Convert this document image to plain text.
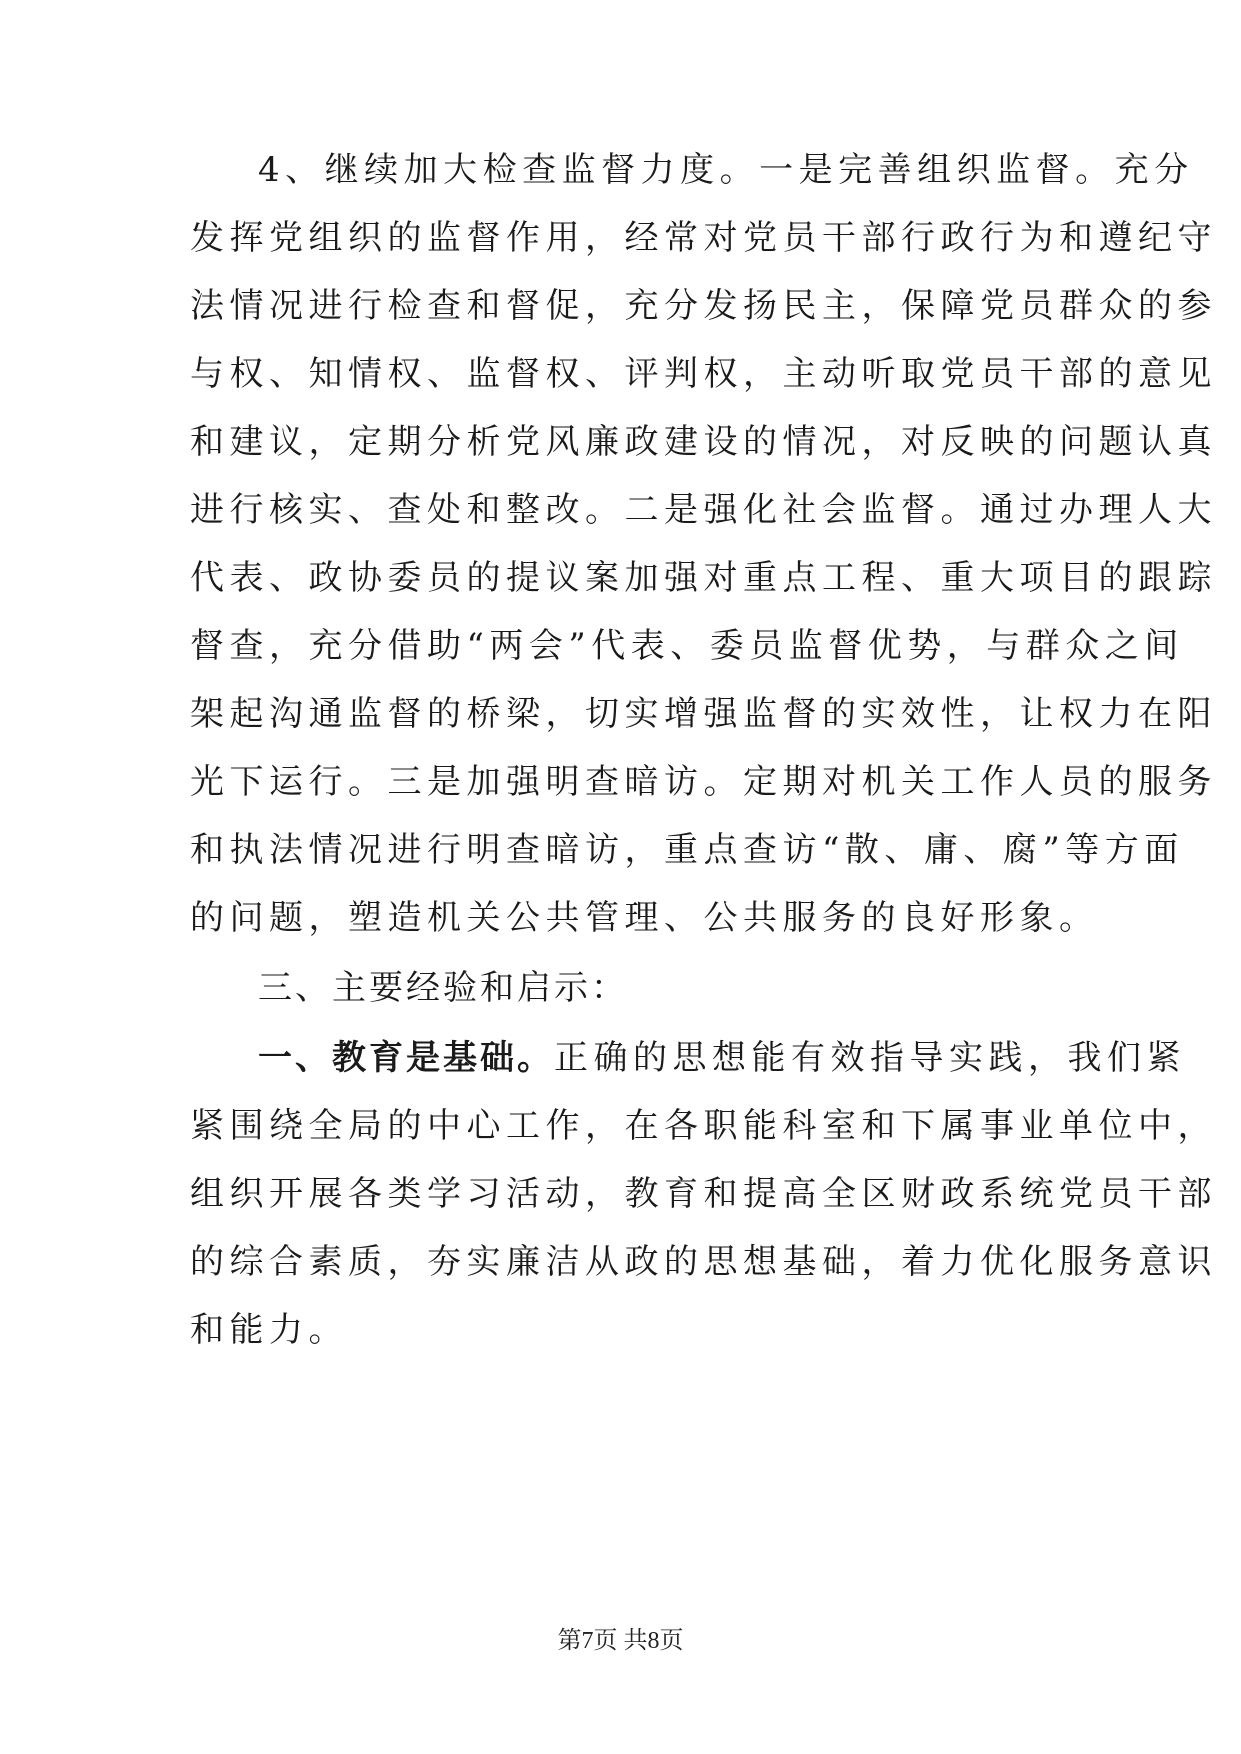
4、继续加大检查监督力度。一是完善组织监督。充分
发挥党组织的监督作用，经常对党员干部行政行为和遵纪守
法情况进行检查和督促，充分发扬民主，保障党员群众的参
与权、知情权、监督权、评判权，主动听取党员干部的意见
和建议，定期分析党风廉政建设的情况，对反映的问题认真
进行核实、查处和整改。二是强化社会监督。通过办理人大
代表、政协委员的提议案加强对重点工程、重大项目的跟踪
督查，充分借助“两会”代表、委员监督优势，与群众之间
架起沟通监督的桥梁，切实增强监督的实效性，让权力在阳
光下运行。三是加强明查暗访。定期对机关工作人员的服务
和执法情况进行明查暗访，重点查访“散、庸、腐”等方面
的问题，塑造机关公共管理、公共服务的良好形象。
三、主要经验和启示：
一、教育是基础。正确的思想能有效指导实践，我们紧
紧围绕全局的中心工作，在各职能科室和下属事业单位中，
组织开展各类学习活动，教育和提高全区财政系统党员干部
的综合素质，夯实廉洁从政的思想基础，着力优化服务意识
和能力。
第7页 共8页
